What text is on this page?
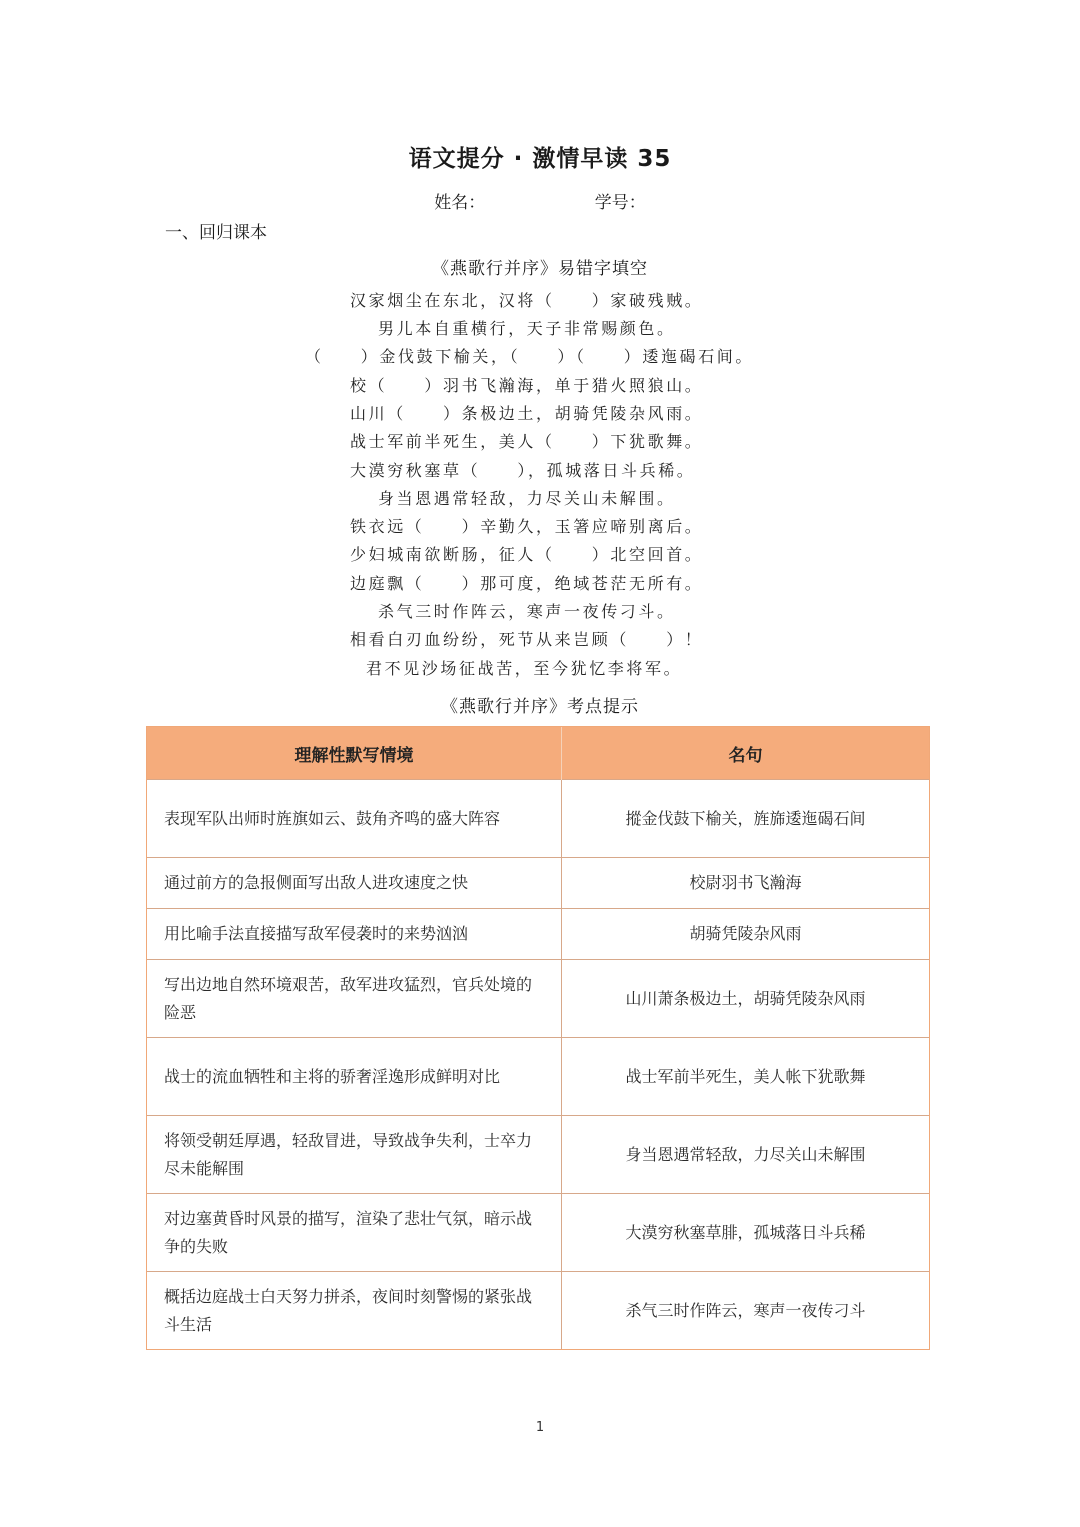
语文提分 · 激情早读 35
姓名：	学号：
一、回归课本
《燕歌行并序》易错字填空
汉家烟尘在东北，汉将（　　）家破残贼。
男儿本自重横行，天子非常赐颜色。
（　　）金伐鼓下榆关，（　　）（　　）逶迤碣石间。
校（　　）羽书飞瀚海，单于猎火照狼山。
山川（　　）条极边土，胡骑凭陵杂风雨。
战士军前半死生，美人（　　）下犹歌舞。
大漠穷秋塞草（　　），孤城落日斗兵稀。
身当恩遇常轻敌，力尽关山未解围。
铁衣远（　　）辛勤久，玉箸应啼别离后。
少妇城南欲断肠，征人（　　）北空回首。
边庭飘（　　）那可度，绝域苍茫无所有。
杀气三时作阵云，寒声一夜传刁斗。
相看白刃血纷纷，死节从来岂顾（　　）！
君不见沙场征战苦，至今犹忆李将军。
《燕歌行并序》考点提示
理解性默写情境	名句
表现军队出师时旌旗如云、鼓角齐鸣的盛大阵容	摐金伐鼓下榆关，旌旆逶迤碣石间
通过前方的急报侧面写出敌人进攻速度之快	校尉羽书飞瀚海
用比喻手法直接描写敌军侵袭时的来势汹汹	胡骑凭陵杂风雨
写出边地自然环境艰苦，敌军进攻猛烈，官兵处境的险恶	山川萧条极边土，胡骑凭陵杂风雨
战士的流血牺牲和主将的骄奢淫逸形成鲜明对比	战士军前半死生，美人帐下犹歌舞
将领受朝廷厚遇，轻敌冒进，导致战争失利，士卒力尽未能解围	身当恩遇常轻敌，力尽关山未解围
对边塞黄昏时风景的描写，渲染了悲壮气氛，暗示战争的失败	大漠穷秋塞草腓，孤城落日斗兵稀
概括边庭战士白天努力拼杀，夜间时刻警惕的紧张战斗生活	杀气三时作阵云，寒声一夜传刁斗
1
